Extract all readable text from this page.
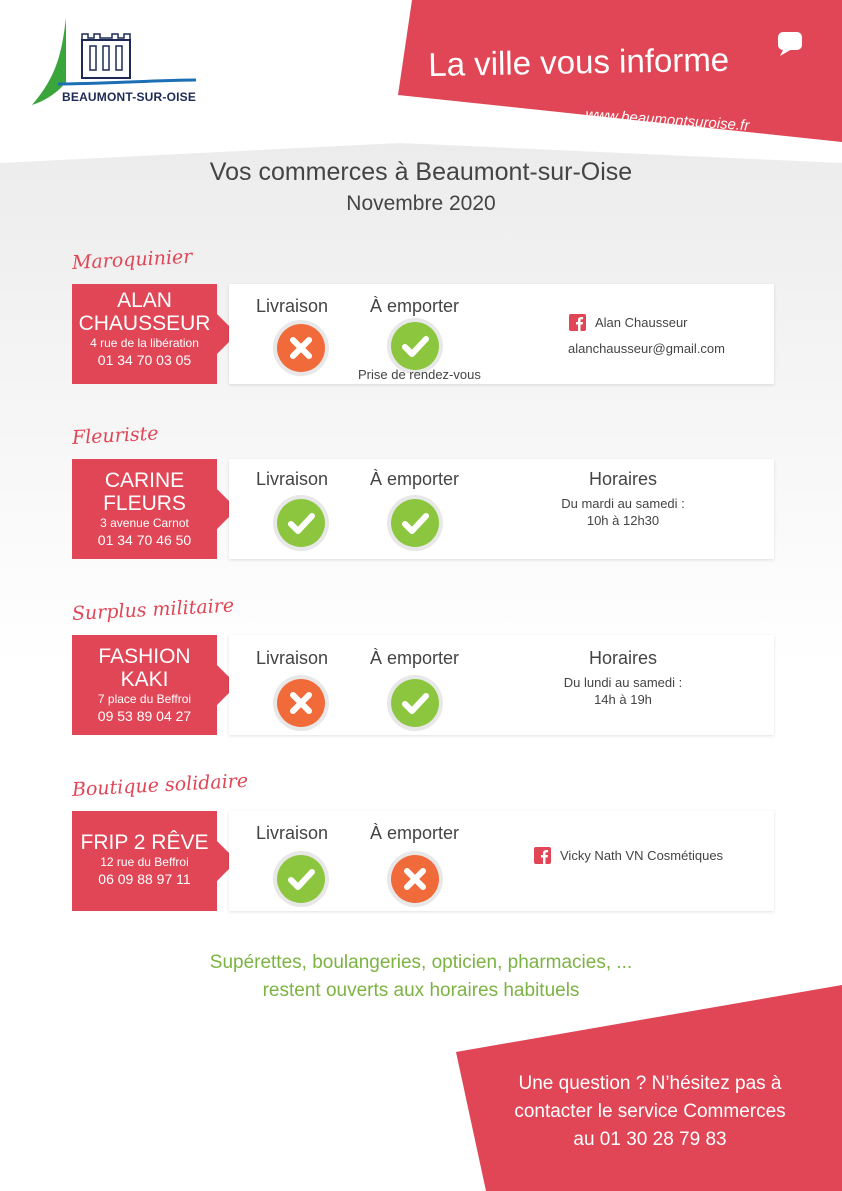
BEAUMONT-SUR-OISE
La ville vous informe
www.beaumontsuroise.fr
Vos commerces à Beaumont-sur-Oise
Novembre 2020
Maroquinier
ALAN
CHAUSSEUR
4 rue de la libération
01 34 70 03 05
Livraison À emporter
Prise de rendez-vous
Alan Chausseur
alanchausseur@gmail.com
Fleuriste
CARINE
FLEURS
3 avenue Carnot
01 34 70 46 50
Livraison À emporter	Horaires
Du mardi au samedi :
10h à 12h30
Surplus militaire
FASHION
KAKI
7 place du Beffroi
09 53 89 04 27
Livraison À emporter	Horaires
Du lundi au samedi :
14h à 19h
Boutique solidaire
FRIP 2 RÊVE
12 rue du Beffroi
06 09 88 97 11
Livraison À emporter
Vicky Nath VN Cosmétiques
Supérettes, boulangeries, opticien, pharmacies, ...
restent ouverts aux horaires habituels
Une question ? N’hésitez pas à
contacter le service Commerces
au 01 30 28 79 83
